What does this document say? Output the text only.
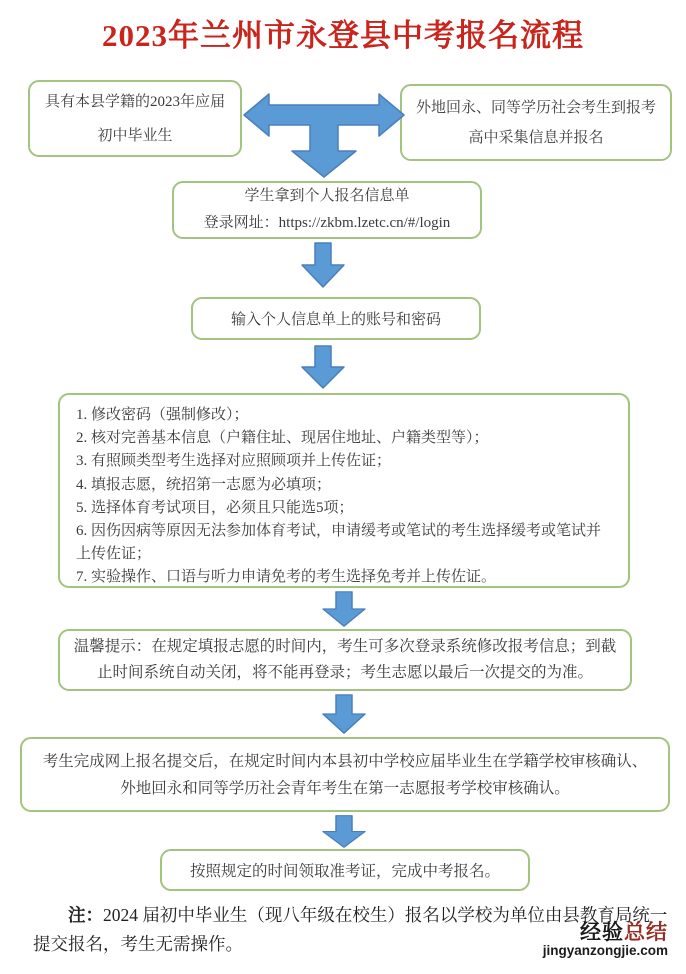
2023年兰州市永登县中考报名流程
具有本县学籍的2023年应届初中毕业生
外地回永、同等学历社会考生到报考高中采集信息并报名
学生拿到个人报名信息单
登录网址：https://zkbm.lzetc.cn/#/login
输入个人信息单上的账号和密码
1. 修改密码（强制修改）；
2. 核对完善基本信息（户籍住址、现居住地址、户籍类型等）；
3. 有照顾类型考生选择对应照顾项并上传佐证；
4. 填报志愿，统招第一志愿为必填项；
5. 选择体育考试项目，必须且只能选5项；
6. 因伤因病等原因无法参加体育考试，申请缓考或笔试的考生选择缓考或笔试并上传佐证；
7. 实验操作、口语与听力申请免考的考生选择免考并上传佐证。
温馨提示：在规定填报志愿的时间内，考生可多次登录系统修改报考信息；到截止时间系统自动关闭，将不能再登录；考生志愿以最后一次提交的为准。
考生完成网上报名提交后，在规定时间内本县初中学校应届毕业生在学籍学校审核确认、外地回永和同等学历社会青年考生在第一志愿报考学校审核确认。
按照规定的时间领取准考证，完成中考报名。
注：2024 届初中毕业生（现八年级在校生）报名以学校为单位由县教育局统一提交报名，考生无需操作。	经验总结
jingyanzongjie.com
